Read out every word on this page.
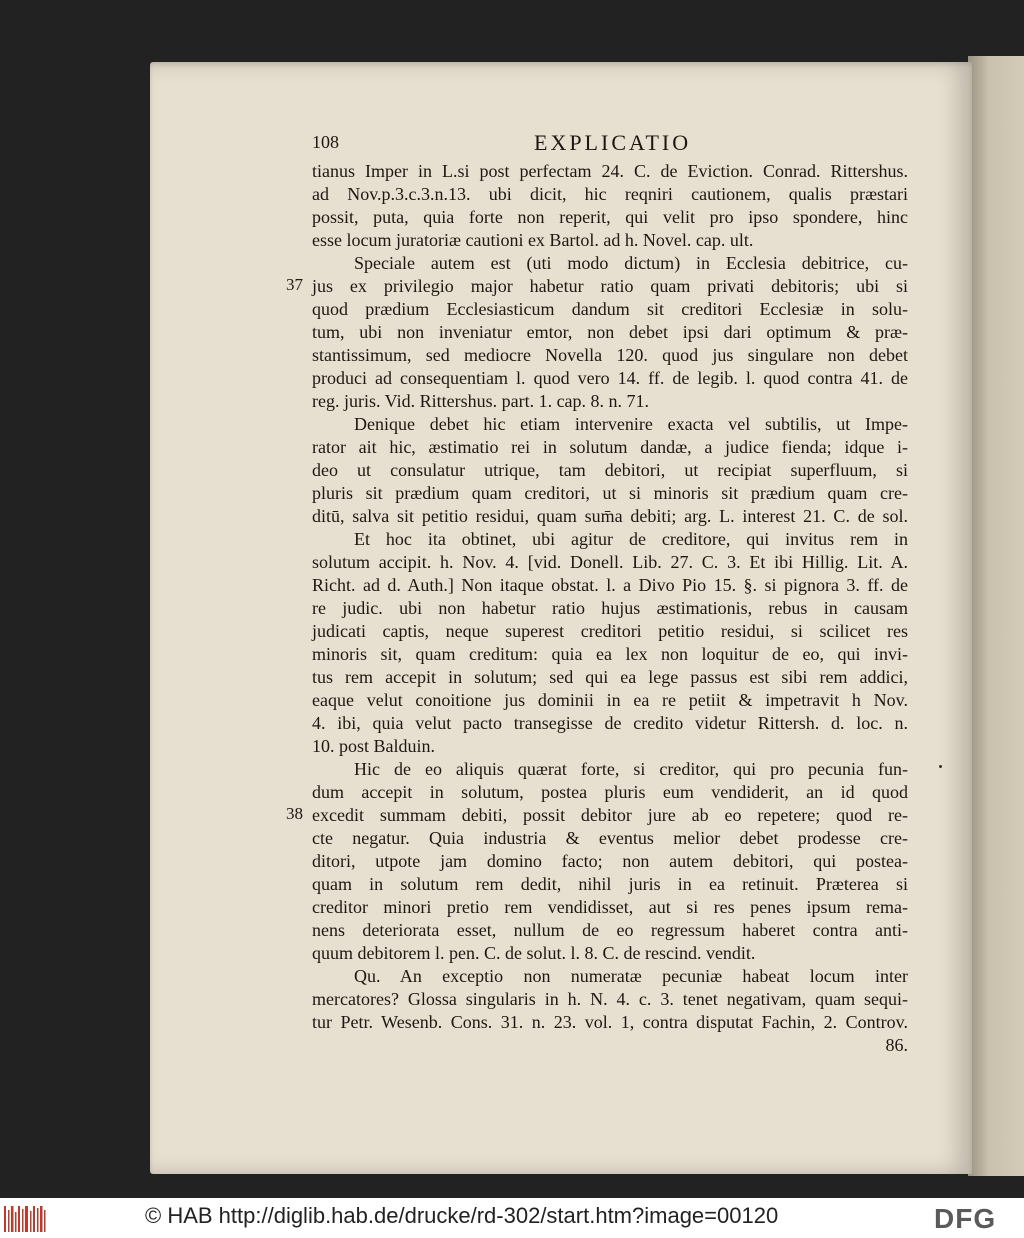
108	EXPLICATIO
tianus Imper in L.si post perfectam 24. C. de Eviction. Conrad. Rittershus.
ad Nov.p.3.c.3.n.13. ubi dicit, hic reqniri cautionem, qualis præstari
possit, puta, quia forte non reperit, qui velit pro ipso spondere, hinc
esse locum juratoriæ cautioni ex Bartol. ad h. Novel. cap. ult.
Speciale autem est (uti modo dictum) in Ecclesia debitrice, cu-
jus ex privilegio major habetur ratio quam privati debitoris; ubi si
quod prædium Ecclesiasticum dandum sit creditori Ecclesiæ in solu-
tum, ubi non inveniatur emtor, non debet ipsi dari optimum & præ-
stantissimum, sed mediocre Novella 120. quod jus singulare non debet
produci ad consequentiam l. quod vero 14. ff. de legib. l. quod contra 41. de
reg. juris. Vid. Rittershus. part. 1. cap. 8. n. 71.
Denique debet hic etiam intervenire exacta vel subtilis, ut Impe-
rator ait hic, æstimatio rei in solutum dandæ, a judice fienda; idque i-
deo ut consulatur utrique, tam debitori, ut recipiat superfluum, si
pluris sit prædium quam creditori, ut si minoris sit prædium quam cre-
ditū, salva sit petitio residui, quam sum̄a debiti; arg. L. interest 21. C. de sol.
Et hoc ita obtinet, ubi agitur de creditore, qui invitus rem in
solutum accipit. h. Nov. 4. [vid. Donell. Lib. 27. C. 3. Et ibi Hillig. Lit. A.
Richt. ad d. Auth.] Non itaque obstat. l. a Divo Pio 15. §. si pignora 3. ff. de
re judic. ubi non habetur ratio hujus æstimationis, rebus in causam
judicati captis, neque superest creditori petitio residui, si scilicet res
minoris sit, quam creditum: quia ea lex non loquitur de eo, qui invi-
tus rem accepit in solutum; sed qui ea lege passus est sibi rem addici,
eaque velut conoitione jus dominii in ea re petiit & impetravit h Nov.
4. ibi, quia velut pacto transegisse de credito videtur Rittersh. d. loc. n.
10. post Balduin.
Hic de eo aliquis quærat forte, si creditor, qui pro pecunia fun-
dum accepit in solutum, postea pluris eum vendiderit, an id quod
excedit summam debiti, possit debitor jure ab eo repetere; quod re-
cte negatur. Quia industria & eventus melior debet prodesse cre-
ditori, utpote jam domino facto; non autem debitori, qui postea-
quam in solutum rem dedit, nihil juris in ea retinuit. Præterea si
creditor minori pretio rem vendidisset, aut si res penes ipsum rema-
nens deteriorata esset, nullum de eo regressum haberet contra anti-
quum debitorem l. pen. C. de solut. l. 8. C. de rescind. vendit.
Qu. An exceptio non numeratæ pecuniæ habeat locum inter
mercatores? Glossa singularis in h. N. 4. c. 3. tenet negativam, quam sequi-
tur Petr. Wesenb. Cons. 31. n. 23. vol. 1, contra disputat Fachin, 2. Controv.
86.
37
38
© HAB http://diglib.hab.de/drucke/rd-302/start.htm?image=00120	DFG
